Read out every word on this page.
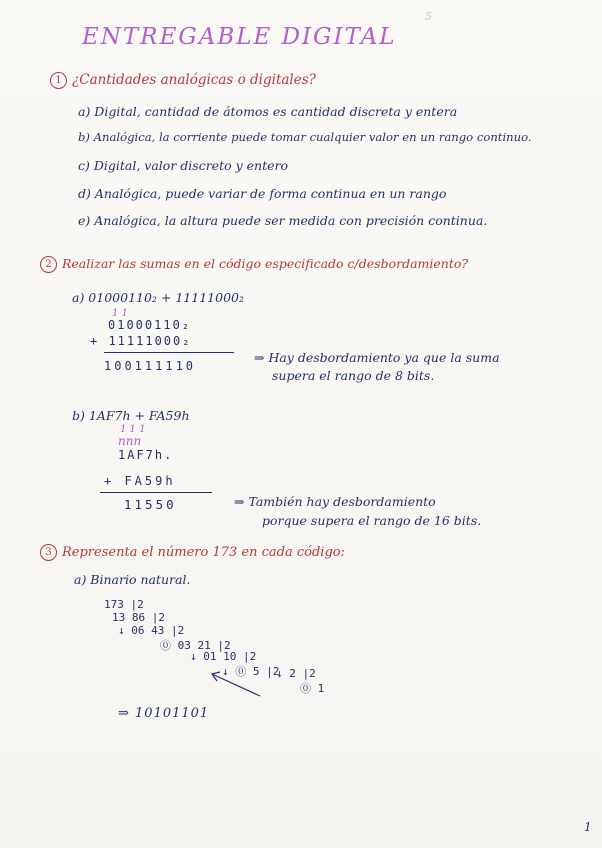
5
ENTREGABLE DIGITAL
1 ¿Cantidades analógicas o digitales?
a) Digital, cantidad de átomos es cantidad discreta y entera
b) Analógica, la corriente puede tomar cualquier valor en un rango continuo.
c) Digital, valor discreto y entero
d) Analógica, puede variar de forma continua en un rango
e) Analógica, la altura puede ser medida con precisión continua.
2 Realizar las sumas en el código especificado c/desbordamiento?
a) 01000110₂ + 11111000₂
1 1
01000110₂
+ 11111000₂
100111110
⇒ Hay desbordamiento ya que la suma
supera el rango de 8 bits.
b) 1AF7h + FA59h
1 1 1
nnn
1AF7h.
+ FA59h
11550	⇒ También hay desbordamiento
porque supera el rango de 16 bits.
3 Representa el número 173 en cada código:
a) Binario natural.
173 |2
13 86 |2
↓ 06 43 |2
⓪ 03 21 |2
↓ 01 10 |2
↓ ⓪ 5 |2
↓ 2 |2
⓪ 1
⇒ 10101101
1
